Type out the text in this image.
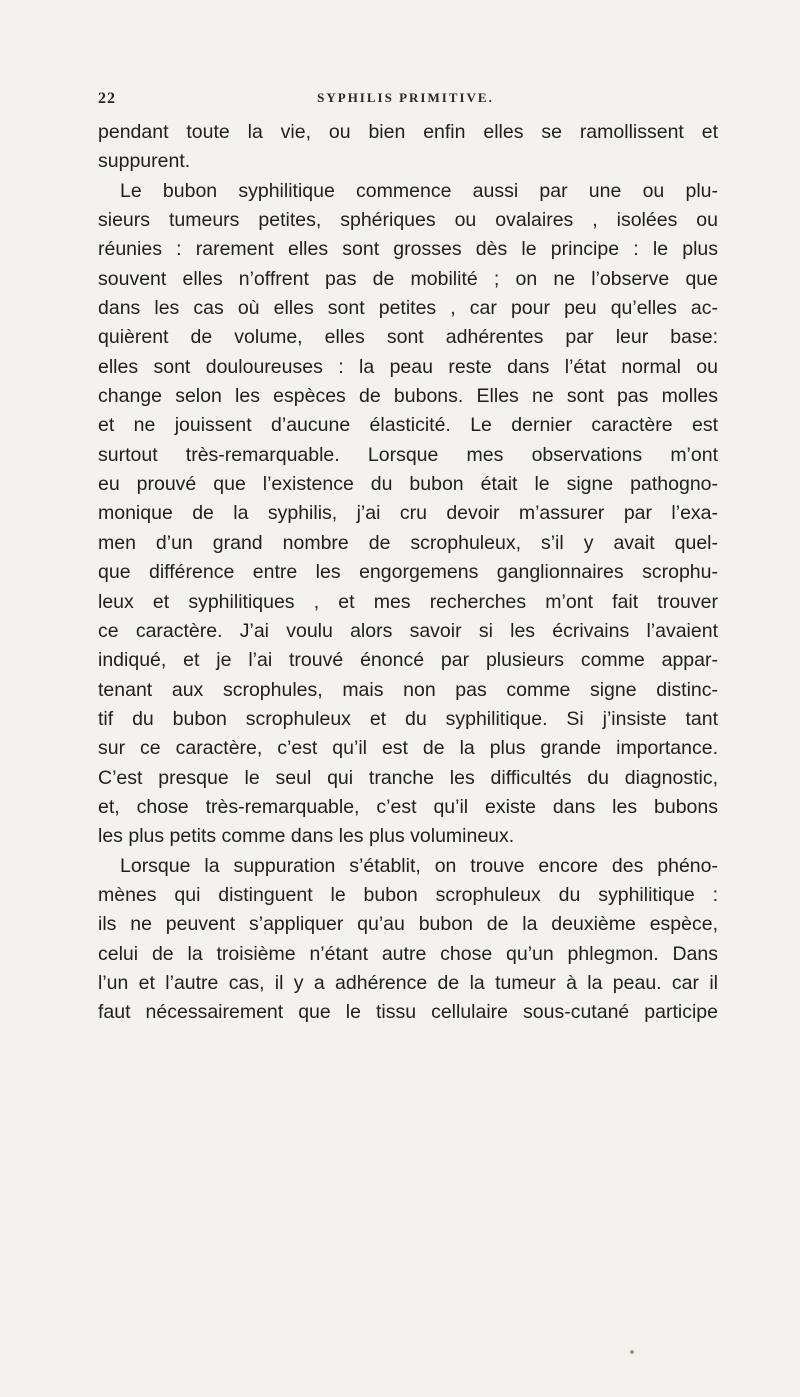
22	SYPHILIS PRIMITIVE.
pendant toute la vie, ou bien enfin elles se ramollissent et
suppurent.
Le bubon syphilitique commence aussi par une ou plu-
sieurs tumeurs petites, sphériques ou ovalaires , isolées ou
réunies : rarement elles sont grosses dès le principe : le plus
souvent elles n’offrent pas de mobilité ; on ne l’observe que
dans les cas où elles sont petites , car pour peu qu’elles ac-
quièrent de volume, elles sont adhérentes par leur base:
elles sont douloureuses : la peau reste dans l’état normal ou
change selon les espèces de bubons. Elles ne sont pas molles
et ne jouissent d’aucune élasticité. Le dernier caractère est
surtout très-remarquable. Lorsque mes observations m’ont
eu prouvé que l’existence du bubon était le signe pathogno-
monique de la syphilis, j’ai cru devoir m’assurer par l’exa-
men d’un grand nombre de scrophuleux, s’il y avait quel-
que différence entre les engorgemens ganglionnaires scrophu-
leux et syphilitiques , et mes recherches m’ont fait trouver
ce caractère. J’ai voulu alors savoir si les écrivains l’avaient
indiqué, et je l’ai trouvé énoncé par plusieurs comme appar-
tenant aux scrophules, mais non pas comme signe distinc-
tif du bubon scrophuleux et du syphilitique. Si j’insiste tant
sur ce caractère, c’est qu’il est de la plus grande importance.
C’est presque le seul qui tranche les difficultés du diagnostic,
et, chose très-remarquable, c’est qu’il existe dans les bubons
les plus petits comme dans les plus volumineux.
Lorsque la suppuration s’établit, on trouve encore des phéno-
mènes qui distinguent le bubon scrophuleux du syphilitique :
ils ne peuvent s’appliquer qu’au bubon de la deuxième espèce,
celui de la troisième n’étant autre chose qu’un phlegmon. Dans
l’un et l’autre cas, il y a adhérence de la tumeur à la peau. car il
faut nécessairement que le tissu cellulaire sous-cutané participe
